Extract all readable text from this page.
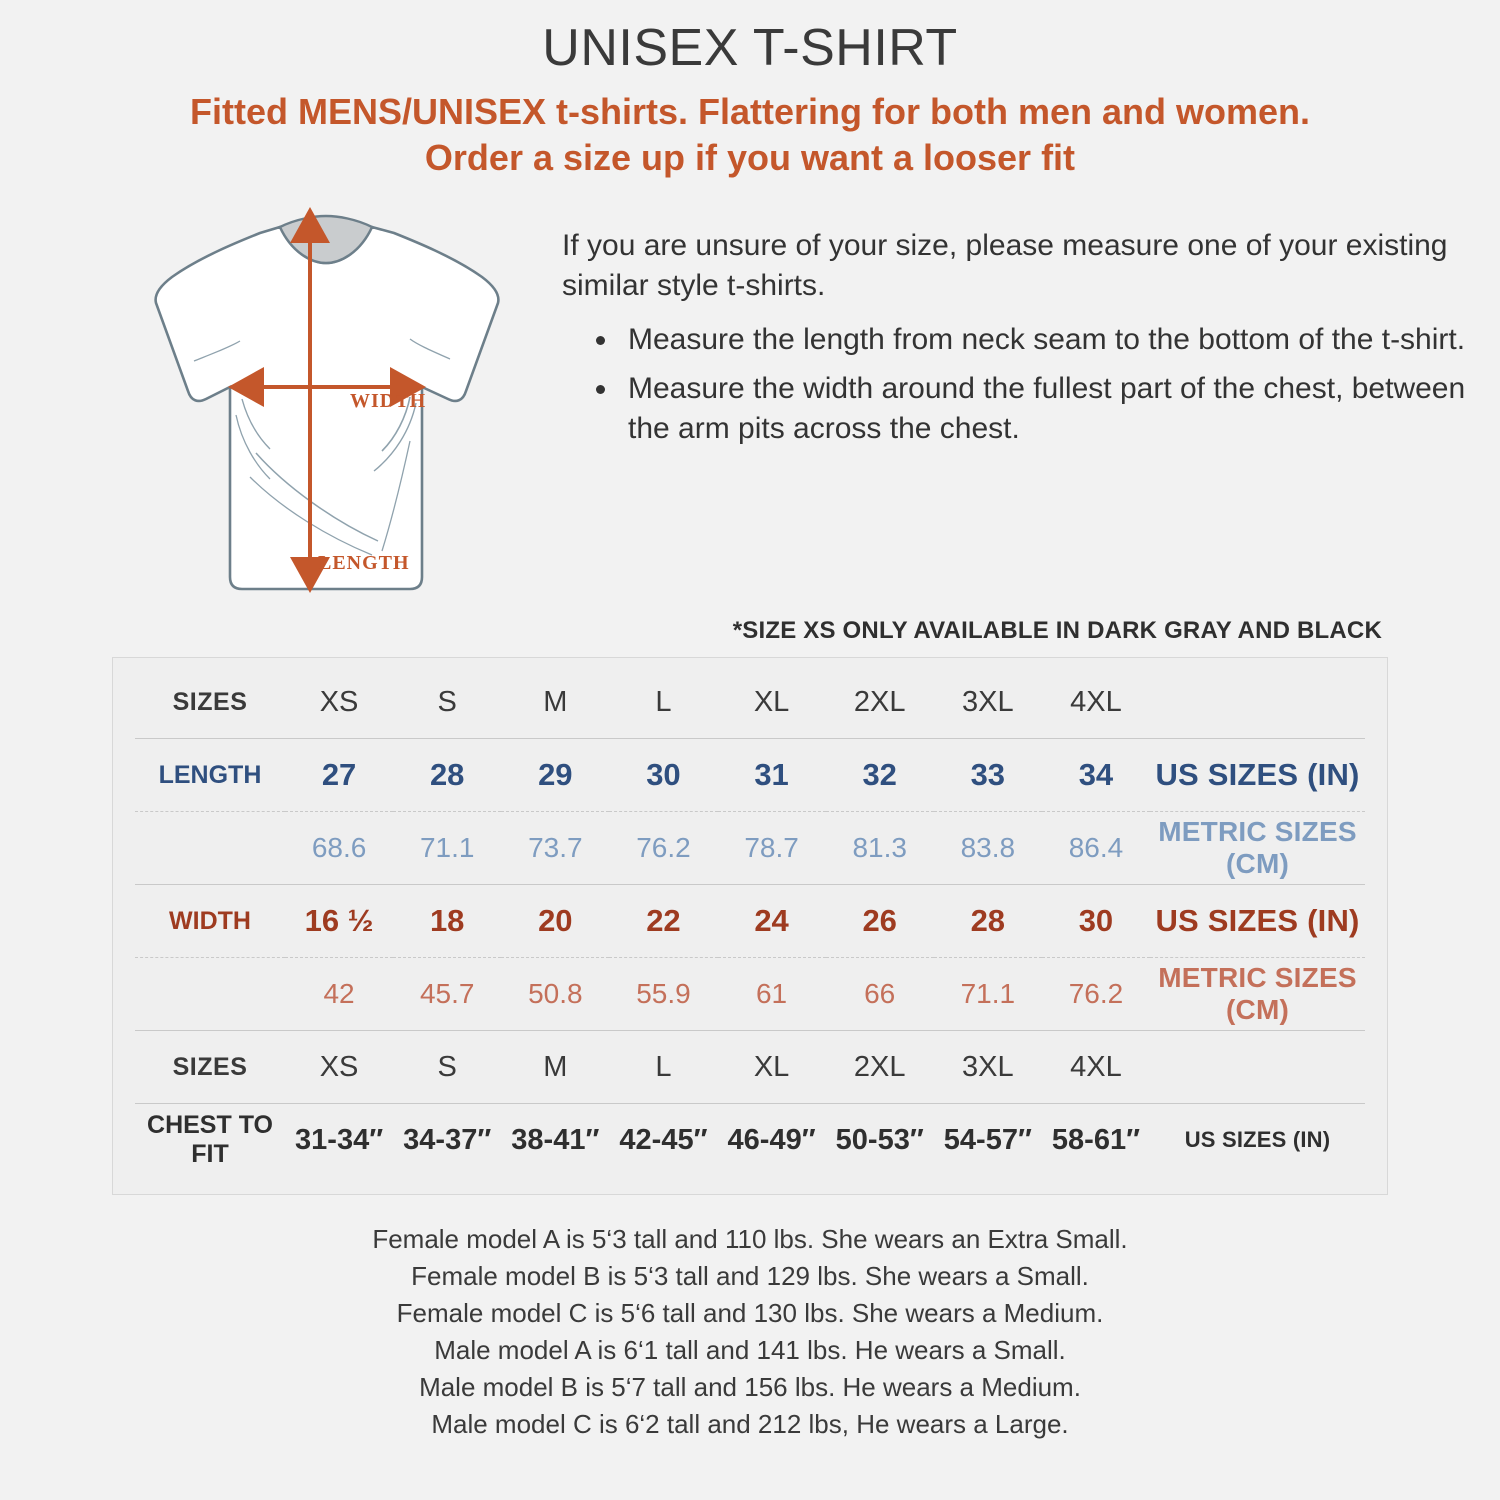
UNISEX T-SHIRT
Fitted MENS/UNISEX t-shirts. Flattering for both men and women.
Order a size up if you want a looser fit
WIDTH
LENGTH
If you are unsure of your size, please measure one of your existing similar style t-shirts.
• Measure the length from neck seam to the bottom of the t-shirt.
• Measure the width around the fullest part of the chest, between the arm pits across the chest.
*SIZE XS ONLY AVAILABLE IN DARK GRAY AND BLACK
SIZES	XS	S	M	L	XL	2XL	3XL	4XL	
LENGTH	27	28	29	30	31	32	33	34	US SIZES (IN)
	68.6	71.1	73.7	76.2	78.7	81.3	83.8	86.4	METRIC SIZES (CM)
WIDTH	16 ½	18	20	22	24	26	28	30	US SIZES (IN)
	42	45.7	50.8	55.9	61	66	71.1	76.2	METRIC SIZES (CM)
SIZES	XS	S	M	L	XL	2XL	3XL	4XL	
CHEST TO FIT	31-34″	34-37″	38-41″	42-45″	46-49″	50-53″	54-57″	58-61″	US SIZES (IN)
Female model A is 5‘3 tall and 110 lbs. She wears an Extra Small.
Female model B is 5‘3 tall and 129 lbs. She wears a Small.
Female model C is 5‘6 tall and 130 lbs. She wears a Medium.
Male model A is 6‘1 tall and 141 lbs. He wears a Small.
Male model B is 5‘7 tall and 156 lbs. He wears a Medium.
Male model C is 6‘2 tall and 212 lbs, He wears a Large.
